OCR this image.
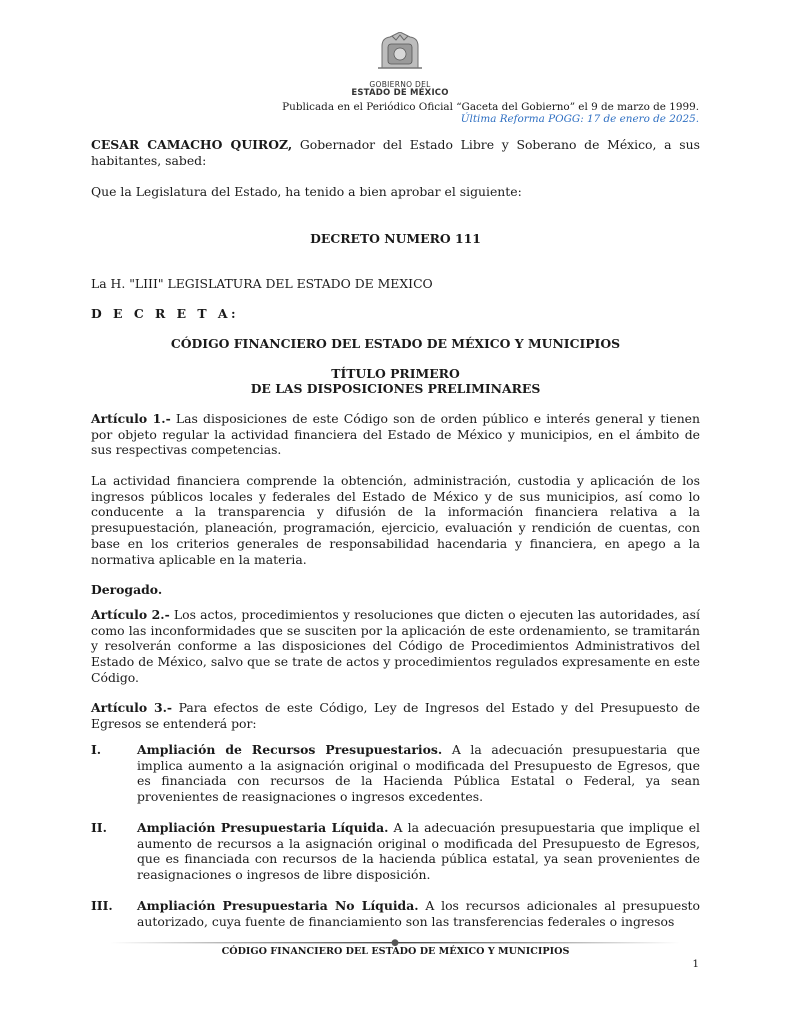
GOBIERNO DEL
ESTADO DE MÉXICO
Publicada en el Periódico Oficial “Gaceta del Gobierno” el 9 de marzo de 1999.
Última Reforma POGG: 17 de enero de 2025.

CESAR CAMACHO QUIROZ, Gobernador del Estado Libre y Soberano de México, a sus habitantes, sabed:

Que la Legislatura del Estado, ha tenido a bien aprobar el siguiente:

DECRETO NUMERO 111

La H. "LIII" LEGISLATURA DEL ESTADO DE MEXICO

D E C R E T A:

CÓDIGO FINANCIERO DEL ESTADO DE MÉXICO Y MUNICIPIOS

TÍTULO PRIMERO

DE LAS DISPOSICIONES PRELIMINARES

Artículo 1.- Las disposiciones de este Código son de orden público e interés general y tienen por objeto regular la actividad financiera del Estado de México y municipios, en el ámbito de sus respectivas competencias.

La actividad financiera comprende la obtención, administración, custodia y aplicación de los ingresos públicos locales y federales del Estado de México y de sus municipios, así como lo conducente a la transparencia y difusión de la información financiera relativa a la presupuestación, planeación, programación, ejercicio, evaluación y rendición de cuentas, con base en los criterios generales de responsabilidad hacendaria y financiera, en apego a la normativa aplicable en la materia.

Derogado.

Artículo 2.- Los actos, procedimientos y resoluciones que dicten o ejecuten las autoridades, así como las inconformidades que se susciten por la aplicación de este ordenamiento, se tramitarán y resolverán conforme a las disposiciones del Código de Procedimientos Administrativos del Estado de México, salvo que se trate de actos y procedimientos regulados expresamente en este Código.

Artículo 3.- Para efectos de este Código, Ley de Ingresos del Estado y del Presupuesto de Egresos se entenderá por:

I.	Ampliación de Recursos Presupuestarios. A la adecuación presupuestaria que implica aumento a la asignación original o modificada del Presupuesto de Egresos, que es financiada con recursos de la Hacienda Pública Estatal o Federal, ya sean provenientes de reasignaciones o ingresos excedentes.
II. Ampliación Presupuestaria Líquida. A la adecuación presupuestaria que implique el aumento de recursos a la asignación original o modificada del Presupuesto de Egresos, que es financiada con recursos de la hacienda pública estatal, ya sean provenientes de reasignaciones o ingresos de libre disposición.
III. Ampliación Presupuestaria No Líquida. A los recursos adicionales al presupuesto autorizado, cuya fuente de financiamiento son las transferencias federales o ingresos
CÓDIGO FINANCIERO DEL ESTADO DE MÉXICO Y MUNICIPIOS
1
